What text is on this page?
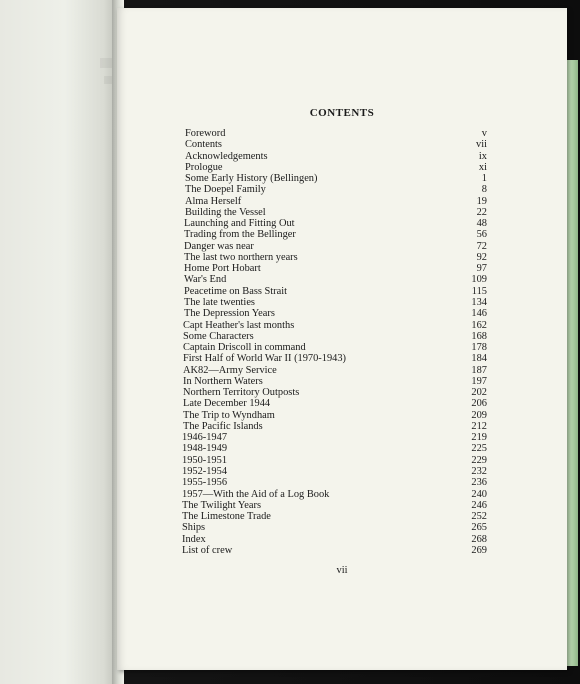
CONTENTS
Foreword	v
Contents	vii
Acknowledgements	ix
Prologue	xi
Some Early History (Bellingen)	1
The Doepel Family	8
Alma Herself	19
Building the Vessel	22
Launching and Fitting Out	48
Trading from the Bellinger	56
Danger was near	72
The last two northern years	92
Home Port Hobart	97
War's End	109
Peacetime on Bass Strait	115
The late twenties	134
The Depression Years	146
Capt Heather's last months	162
Some Characters	168
Captain Driscoll in command	178
First Half of World War II (1970-1943)	184
AK82—Army Service	187
In Northern Waters	197
Northern Territory Outposts	202
Late December 1944	206
The Trip to Wyndham	209
The Pacific Islands	212
1946-1947	219
1948-1949	225
1950-1951	229
1952-1954	232
1955-1956	236
1957—With the Aid of a Log Book	240
The Twilight Years	246
The Limestone Trade	252
Ships	265
Index	268
List of crew	269
vii
